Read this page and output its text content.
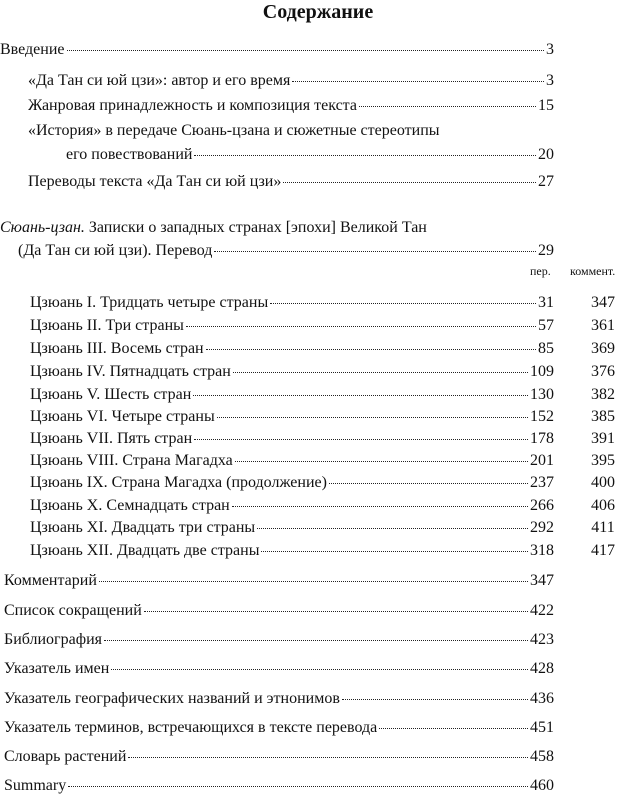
Содержание
Введение	3
«Да Тан си юй цзи»: автор и его время	3
Жанровая принадлежность и композиция текста	15
«История» в передаче Сюань-цзана и сюжетные стереотипы
его повествований	20
Переводы текста «Да Тан си юй цзи»	27
Сюань-цзан. Записки о западных странах [эпохи] Великой Тан
(Да Тан си юй цзи). Перевод	29
пер. коммент.
Цзюань I. Тридцать четыре страны	31	347
Цзюань II. Три страны	57	361
Цзюань III. Восемь стран	85	369
Цзюань IV. Пятнадцать стран	109	376
Цзюань V. Шесть стран	130	382
Цзюань VI. Четыре страны	152	385
Цзюань VII. Пять стран	178	391
Цзюань VIII. Страна Магадха	201	395
Цзюань IX. Страна Магадха (продолжение)	237	400
Цзюань X. Семнадцать стран	266	406
Цзюань XI. Двадцать три страны	292	411
Цзюань XII. Двадцать две страны	318	417
Комментарий	347
Список сокращений	422
Библиография	423
Указатель имен	428
Указатель географических названий и этнонимов	436
Указатель терминов, встречающихся в тексте перевода	451
Словарь растений	458
Summary	460
